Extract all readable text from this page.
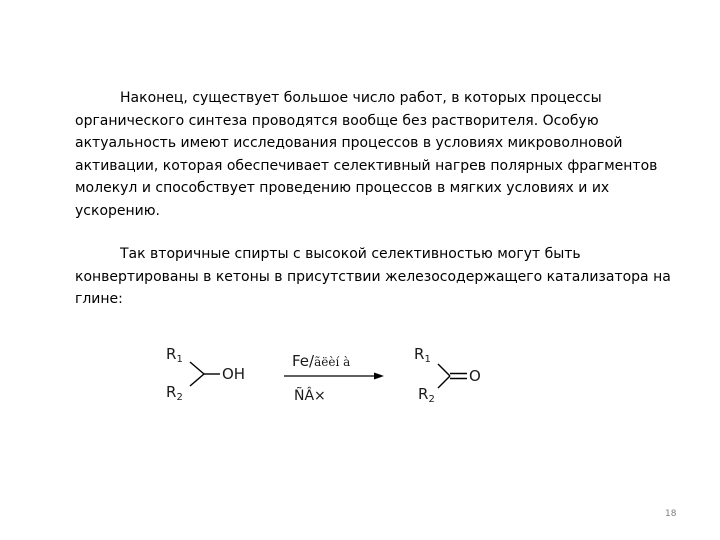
Наконец, существует большое число работ, в которых процессы
органического синтеза проводятся вообще без растворителя. Особую
актуальность имеют исследования процессов в условиях микроволновой
активации, которая обеспечивает селективный нагрев полярных фрагментов
молекул и способствует проведению процессов в мягких условиях и их
ускорению.

Так вторичные спирты с высокой селективностью могут быть
конвертированы в кетоны в присутствии железосодержащего катализатора на
глине:

$R_1$
$R_2$
OH
Fe/ãëèí à
ÑÂ×
$R_1$
$R_2$
O
18
